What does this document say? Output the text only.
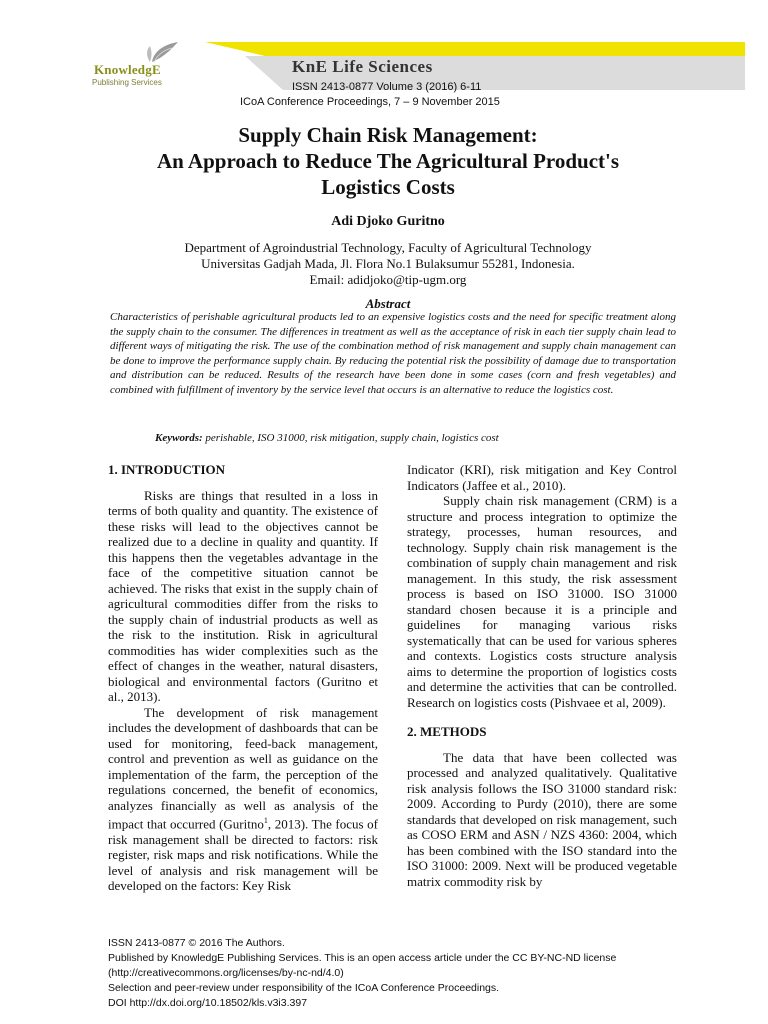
KnowledgE
Publishing Services
KnE Life Sciences
ISSN 2413-0877 Volume 3 (2016) 6-11
ICoA Conference Proceedings, 7 – 9 November 2015
Supply Chain Risk Management:
An Approach to Reduce The Agricultural Product's
Logistics Costs
Adi Djoko Guritno
Department of Agroindustrial Technology, Faculty of Agricultural Technology
Universitas Gadjah Mada, Jl. Flora No.1 Bulaksumur 55281, Indonesia.
Email: adidjoko@tip-ugm.org
Abstract
Characteristics of perishable agricultural products led to an expensive logistics costs and the need for specific treatment along the supply chain to the consumer. The differences in treatment as well as the acceptance of risk in each tier supply chain lead to different ways of mitigating the risk. The use of the combination method of risk management and supply chain management can be done to improve the performance supply chain. By reducing the potential risk the possibility of damage due to transportation and distribution can be reduced. Results of the research have been done in some cases (corn and fresh vegetables) and combined with fulfillment of inventory by the service level that occurs is an alternative to reduce the logistics cost.
Keywords: perishable, ISO 31000, risk mitigation, supply chain, logistics cost
1. INTRODUCTION

Risks are things that resulted in a loss in terms of both quality and quantity. The existence of these risks will lead to the objectives cannot be realized due to a decline in quality and quantity. If this happens then the vegetables advantage in the face of the competitive situation cannot be achieved. The risks that exist in the supply chain of agricultural commodities differ from the risks to the supply chain of industrial products as well as the risk to the institution. Risk in agricultural commodities has wider complexities such as the effect of changes in the weather, natural disasters, biological and environmental factors (Guritno et al., 2013).

The development of risk management includes the development of dashboards that can be used for monitoring, feed-back management, control and prevention as well as guidance on the implementation of the farm, the perception of the regulations concerned, the benefit of economics, analyzes financially as well as analysis of the impact that occurred (Guritno$^1$, 2013). The focus of risk management shall be directed to factors: risk register, risk maps and risk notifications. While the level of analysis and risk management will be developed on the factors: Key Risk

Indicator (KRI), risk mitigation and Key Control Indicators (Jaffee et al., 2010).

Supply chain risk management (CRM) is a structure and process integration to optimize the strategy, processes, human resources, and technology. Supply chain risk management is the combination of supply chain management and risk management. In this study, the risk assessment process is based on ISO 31000. ISO 31000 standard chosen because it is a principle and guidelines for managing various risks systematically that can be used for various spheres and contexts. Logistics costs structure analysis aims to determine the proportion of logistics costs and determine the activities that can be controlled. Research on logistics costs (Pishvaee et al, 2009).

2. METHODS

The data that have been collected was processed and analyzed qualitatively. Qualitative risk analysis follows the ISO 31000 standard risk: 2009. According to Purdy (2010), there are some standards that developed on risk management, such as COSO ERM and ASN / NZS 4360: 2004, which has been combined with the ISO standard into the ISO 31000: 2009. Next will be produced vegetable matrix commodity risk by

ISSN 2413-0877 © 2016 The Authors.
Published by KnowledgE Publishing Services. This is an open access article under the CC BY-NC-ND license
(http://creativecommons.org/licenses/by-nc-nd/4.0)
Selection and peer-review under responsibility of the ICoA Conference Proceedings.
DOI http://dx.doi.org/10.18502/kls.v3i3.397
